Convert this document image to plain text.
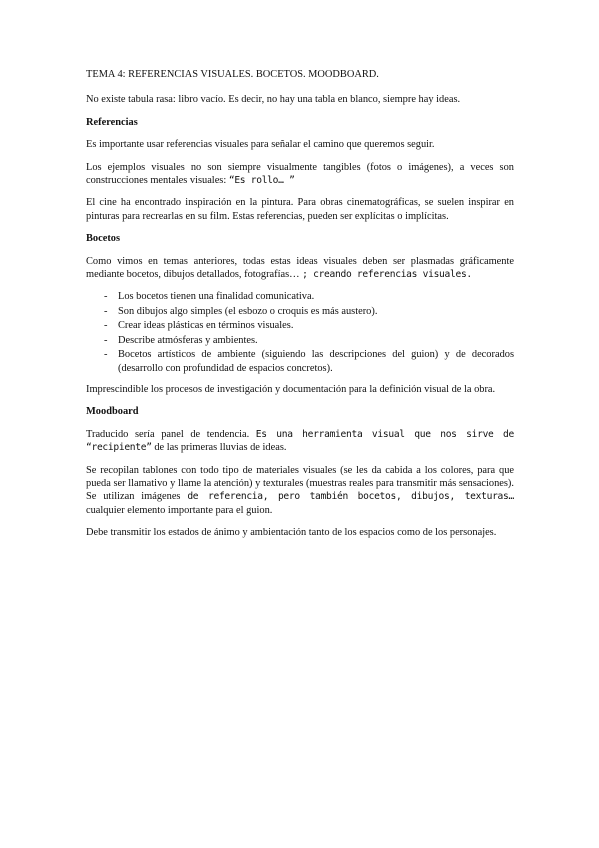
TEMA 4: REFERENCIAS VISUALES. BOCETOS. MOODBOARD.

No existe tabula rasa: libro vacío. Es decir, no hay una tabla en blanco, siempre hay ideas.

Referencias

Es importante usar referencias visuales para señalar el camino que queremos seguir.

Los ejemplos visuales no son siempre visualmente tangibles (fotos o imágenes), a veces son construcciones mentales visuales: “Es rollo… ”

El cine ha encontrado inspiración en la pintura. Para obras cinematográficas, se suelen inspirar en pinturas para recrearlas en su film. Estas referencias, pueden ser explícitas o implícitas.

Bocetos

Como vimos en temas anteriores, todas estas ideas visuales deben ser plasmadas gráficamente mediante bocetos, dibujos detallados, fotografías… ; creando referencias visuales.

- Los bocetos tienen una finalidad comunicativa.
- Son dibujos algo simples (el esbozo o croquis es más austero).
- Crear ideas plásticas en términos visuales.
- Describe atmósferas y ambientes.
- Bocetos artísticos de ambiente (siguiendo las descripciones del guion) y de decorados (desarrollo con profundidad de espacios concretos).

Imprescindible los procesos de investigación y documentación para la definición visual de la obra.

Moodboard

Traducido sería panel de tendencia. Es una herramienta visual que nos sirve de “recipiente” de las primeras lluvias de ideas.

Se recopilan tablones con todo tipo de materiales visuales (se les da cabida a los colores, para que pueda ser llamativo y llame la atención) y texturales (muestras reales para transmitir más sensaciones). Se utilizan imágenes de referencia, pero también bocetos, dibujos, texturas… cualquier elemento importante para el guion.

Debe transmitir los estados de ánimo y ambientación tanto de los espacios como de los personajes.
